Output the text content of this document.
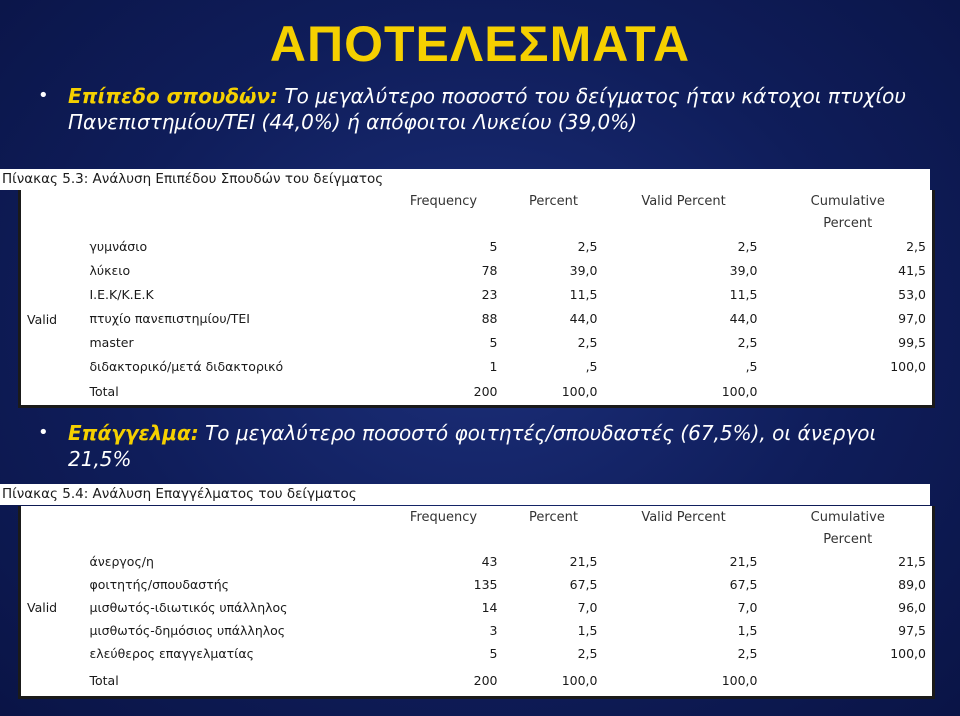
ΑΠΟΤΕΛΕΣΜΑΤΑ
• Επίπεδο σπουδών: Το μεγαλύτερο ποσοστό του δείγματος ήταν κάτοχοι πτυχίου Πανεπιστημίου/ΤΕΙ (44,0%) ή απόφοιτοι Λυκείου (39,0%)
Πίνακας 5.3: Ανάλυση Επιπέδου Σπουδών του δείγματος
		Frequency	Percent	Valid Percent	Cumulative
					Percent
Valid	γυμνάσιο	5	2,5	2,5	2,5
	λύκειο	78	39,0	39,0	41,5
	Ι.Ε.Κ/Κ.Ε.Κ	23	11,5	11,5	53,0
	πτυχίο πανεπιστημίου/ΤΕΙ	88	44,0	44,0	97,0
	master	5	2,5	2,5	99,5
	διδακτορικό/μετά διδακτορικό	1	,5	,5	100,0
	Total	200	100,0	100,0	
• Επάγγελμα: Το μεγαλύτερο ποσοστό φοιτητές/σπουδαστές (67,5%), οι άνεργοι 21,5%
Πίνακας 5.4: Ανάλυση Επαγγέλματος του δείγματος
		Frequency	Percent	Valid Percent	Cumulative
					Percent
Valid	άνεργος/η	43	21,5	21,5	21,5
	φοιτητής/σπουδαστής	135	67,5	67,5	89,0
	μισθωτός-ιδιωτικός υπάλληλος	14	7,0	7,0	96,0
	μισθωτός-δημόσιος υπάλληλος	3	1,5	1,5	97,5
	ελεύθερος επαγγελματίας	5	2,5	2,5	100,0
	Total	200	100,0	100,0	
